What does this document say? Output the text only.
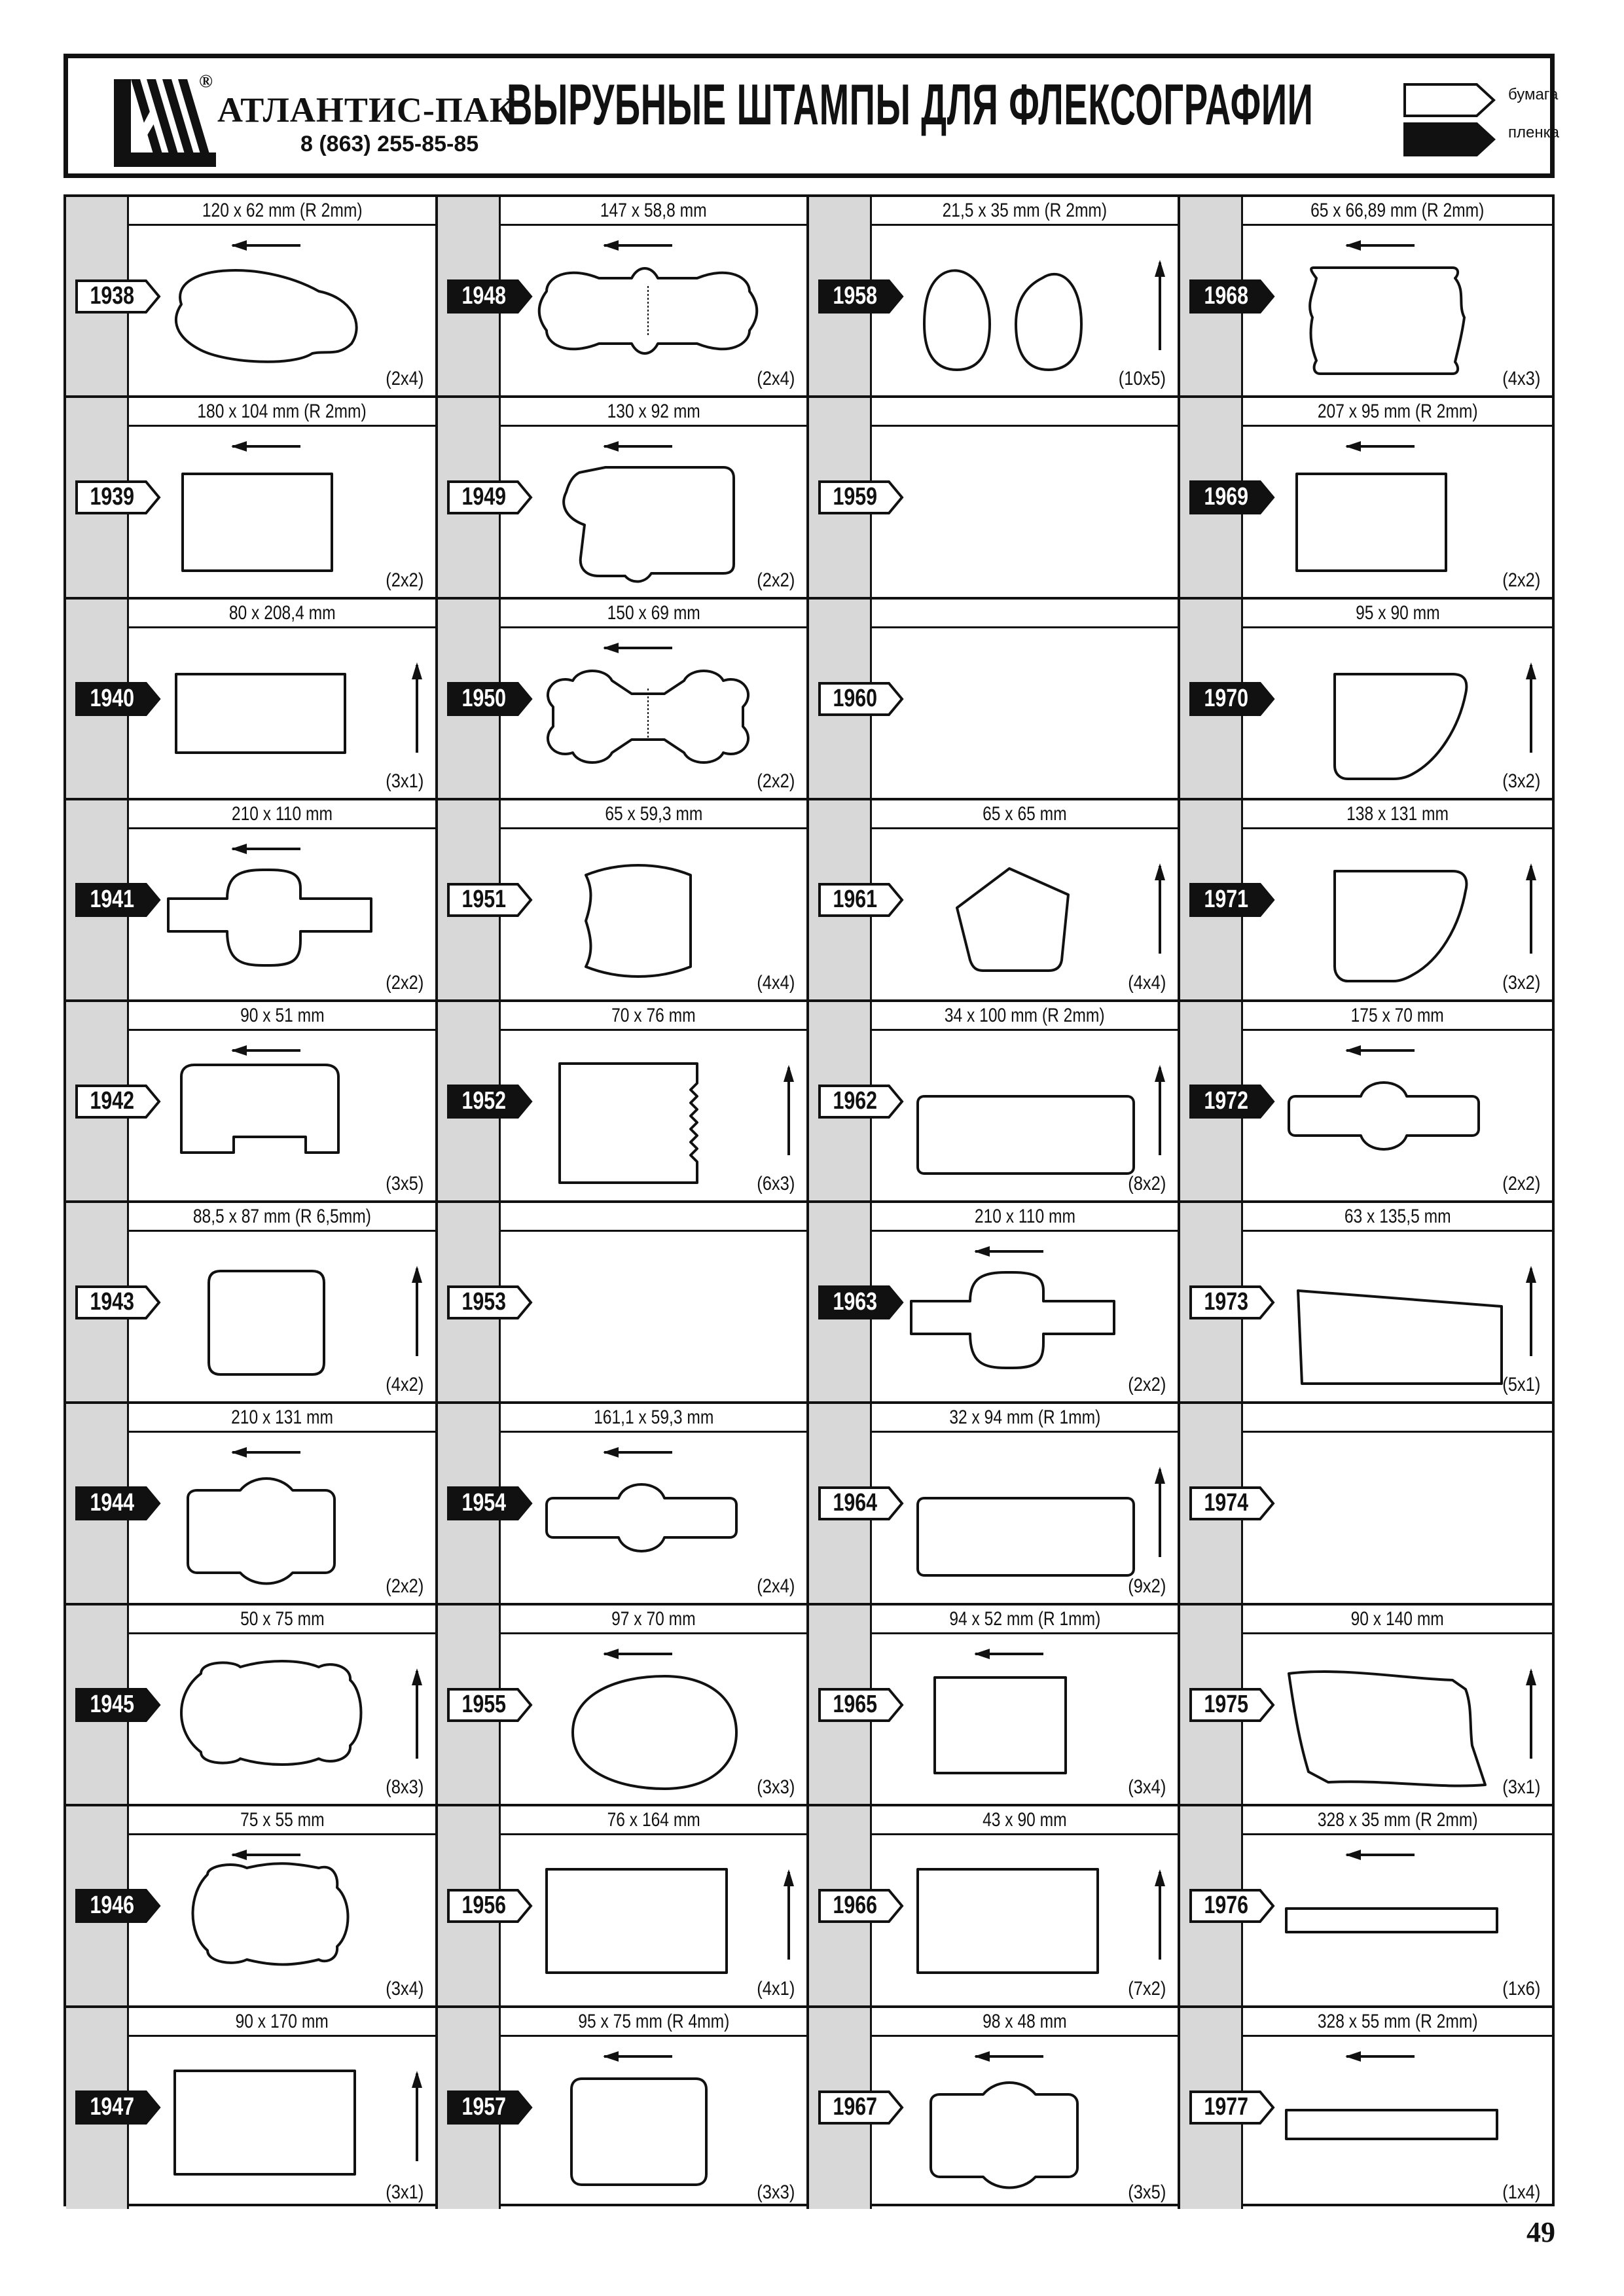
®
АТЛАНТИС-ПАК
8 (863) 255-85-85
ВЫРУБНЫЕ ШТАМПЫ ДЛЯ ФЛЕКСОГРАФИИ	бумага
пленка
120 x 62 mm (R 2mm)
1938
(2x4)
180 x 104 mm (R 2mm)
1939
(2x2)
80 x 208,4 mm
1940
(3x1)
210 x 110 mm
1941
(2x2)
90 x 51 mm
1942
(3x5)
88,5 x 87 mm (R 6,5mm)
1943
(4x2)
210 x 131 mm
1944
(2x2)
50 x 75 mm
1945
(8x3)
75 x 55 mm
1946
(3x4)
90 x 170 mm
1947
(3x1)
147 x 58,8 mm
1948
(2x4)
130 x 92 mm
1949
(2x2)
150 x 69 mm
1950
(2x2)
65 x 59,3 mm
1951
(4x4)
70 x 76 mm
1952
(6x3)
1953
161,1 x 59,3 mm
1954
(2x4)
97 x 70 mm
1955
(3x3)
76 x 164 mm
1956
(4x1)
95 x 75 mm (R 4mm)
1957
(3x3)
21,5 x 35 mm (R 2mm)
1958
(10x5)
1959
1960
65 x 65 mm
1961
(4x4)
34 x 100 mm (R 2mm)
1962
(8x2)
210 x 110 mm
1963
(2x2)
32 x 94 mm (R 1mm)
1964
(9x2)
94 x 52 mm (R 1mm)
1965
(3x4)
43 x 90 mm
1966
(7x2)
98 x 48 mm
1967
(3x5)
65 x 66,89 mm (R 2mm)
1968
(4x3)
207 x 95 mm (R 2mm)
1969
(2x2)
95 x 90 mm
1970
(3x2)
138 x 131 mm
1971
(3x2)
175 x 70 mm
1972
(2x2)
63 x 135,5 mm
1973
(5x1)
1974
90 x 140 mm
1975
(3x1)
328 x 35 mm (R 2mm)
1976
(1x6)
328 x 55 mm (R 2mm)
1977
(1x4)
49
